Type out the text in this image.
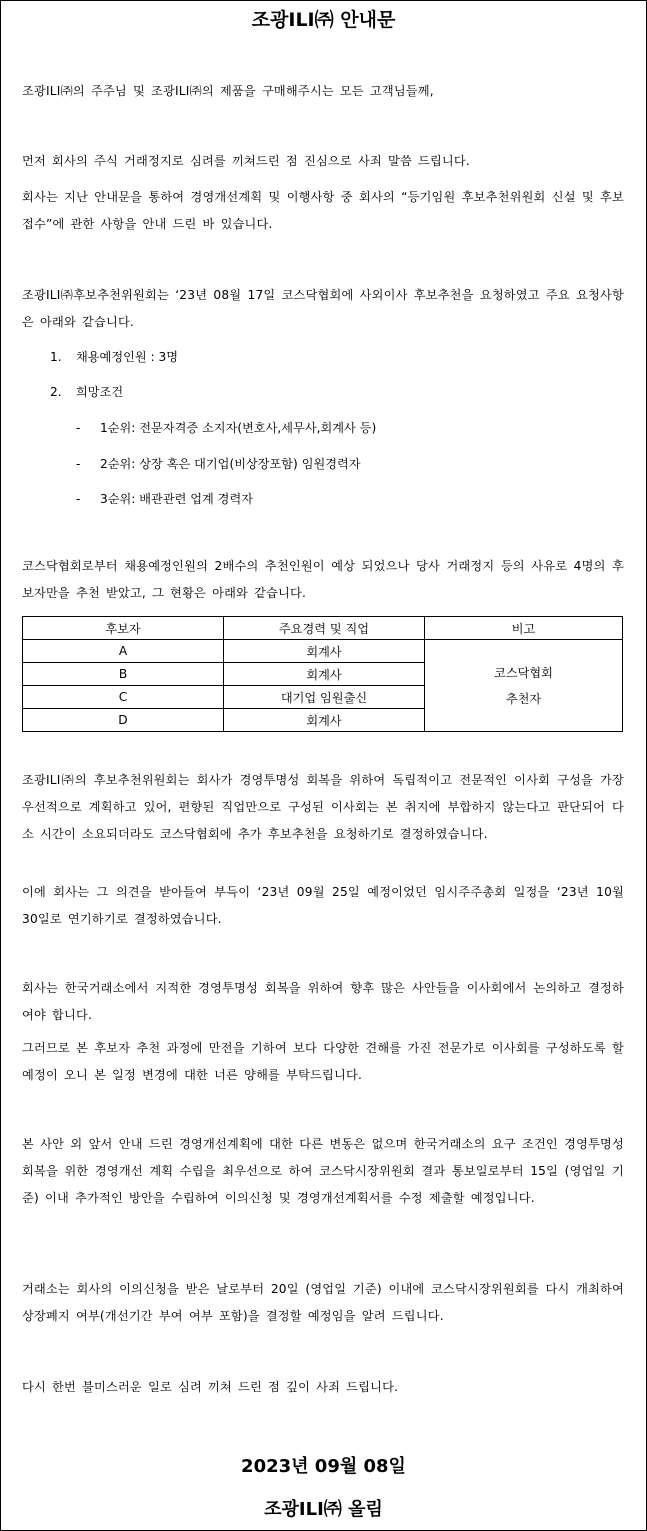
조광ILI㈜ 안내문
조광ILI㈜의 주주님 및 조광ILI㈜의 제품을 구매해주시는 모든 고객님들께,
먼저 회사의 주식 거래정지로 심려를 끼쳐드린 점 진심으로 사죄 말씀 드립니다.
회사는 지난 안내문을 통하여 경영개선계획 및 이행사항 중 회사의 “등기임원 후보추천위원회 신설 및 후보접수”에 관한 사항을 안내 드린 바 있습니다.
조광ILI㈜후보추천위원회는 ‘23년 08월 17일 코스닥협회에 사외이사 후보추천을 요청하였고 주요 요청사항은 아래와 같습니다.
1. 채용예정인원 : 3명
2. 희망조건
- 1순위: 전문자격증 소지자(변호사,세무사,회계사 등)
- 2순위: 상장 혹은 대기업(비상장포함) 임원경력자
- 3순위: 배관관련 업계 경력자
코스닥협회로부터 채용예정인원의 2배수의 추천인원이 예상 되었으나 당사 거래정지 등의 사유로 4명의 후보자만을 추천 받았고, 그 현황은 아래와 같습니다.
후보자	주요경력 및 직업	비고
A	회계사	코스닥협회
추천자

B	회계사	
C	대기업 임원출신	
D	회계사	
조광ILI㈜의 후보추천위원회는 회사가 경영투명성 회복을 위하여 독립적이고 전문적인 이사회 구성을 가장 우선적으로 계획하고 있어, 편향된 직업만으로 구성된 이사회는 본 취지에 부합하지 않는다고 판단되어 다소 시간이 소요되더라도 코스닥협회에 추가 후보추천을 요청하기로 결정하였습니다.
이에 회사는 그 의견을 받아들여 부득이 ‘23년 09월 25일 예정이었던 임시주주총회 일정을 ‘23년 10월 30일로 연기하기로 결정하였습니다.
회사는 한국거래소에서 지적한 경영투명성 회복을 위하여 향후 많은 사안들을 이사회에서 논의하고 결정하여야 합니다.
그러므로 본 후보자 추천 과정에 만전을 기하여 보다 다양한 견해를 가진 전문가로 이사회를 구성하도록 할 예정이 오니 본 일정 변경에 대한 너른 양해를 부탁드립니다.
본 사안 외 앞서 안내 드린 경영개선계획에 대한 다른 변동은 없으며 한국거래소의 요구 조건인 경영투명성 회복을 위한 경영개선 계획 수립을 최우선으로 하여 코스닥시장위원회 결과 통보일로부터 15일 (영업일 기준) 이내 추가적인 방안을 수립하여 이의신청 및 경영개선계획서를 수정 제출할 예정입니다.
거래소는 회사의 이의신청을 받은 날로부터 20일 (영업일 기준) 이내에 코스닥시장위원회를 다시 개최하여 상장폐지 여부(개선기간 부여 여부 포함)을 결정할 예정임을 알려 드립니다.
다시 한번 불미스러운 일로 심려 끼쳐 드린 점 깊이 사죄 드립니다.
2023년 09월 08일
조광ILI㈜ 올림
